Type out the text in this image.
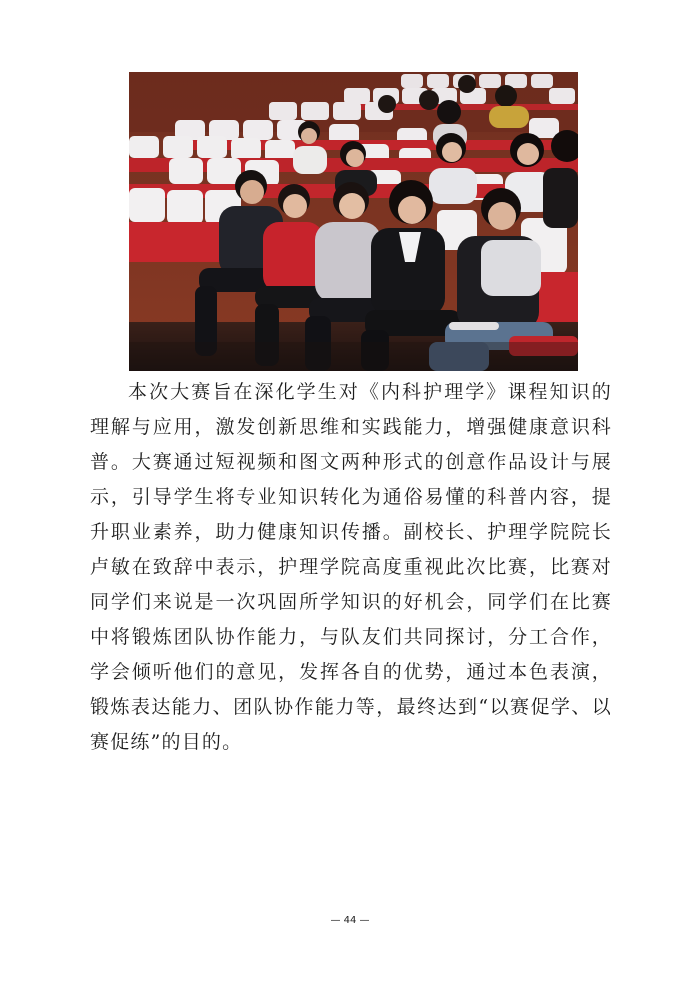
本次大赛旨在深化学生对《内科护理学》课程知识的理解与应用，激发创新思维和实践能力，增强健康意识科普。大赛通过短视频和图文两种形式的创意作品设计与展示，引导学生将专业知识转化为通俗易懂的科普内容，提升职业素养，助力健康知识传播。副校长、护理学院院长卢敏在致辞中表示，护理学院高度重视此次比赛，比赛对同学们来说是一次巩固所学知识的好机会，同学们在比赛中将锻炼团队协作能力，与队友们共同探讨，分工合作，学会倾听他们的意见，发挥各自的优势，通过本色表演，锻炼表达能力、团队协作能力等，最终达到“以赛促学、以赛促练”的目的。

— 44 —
